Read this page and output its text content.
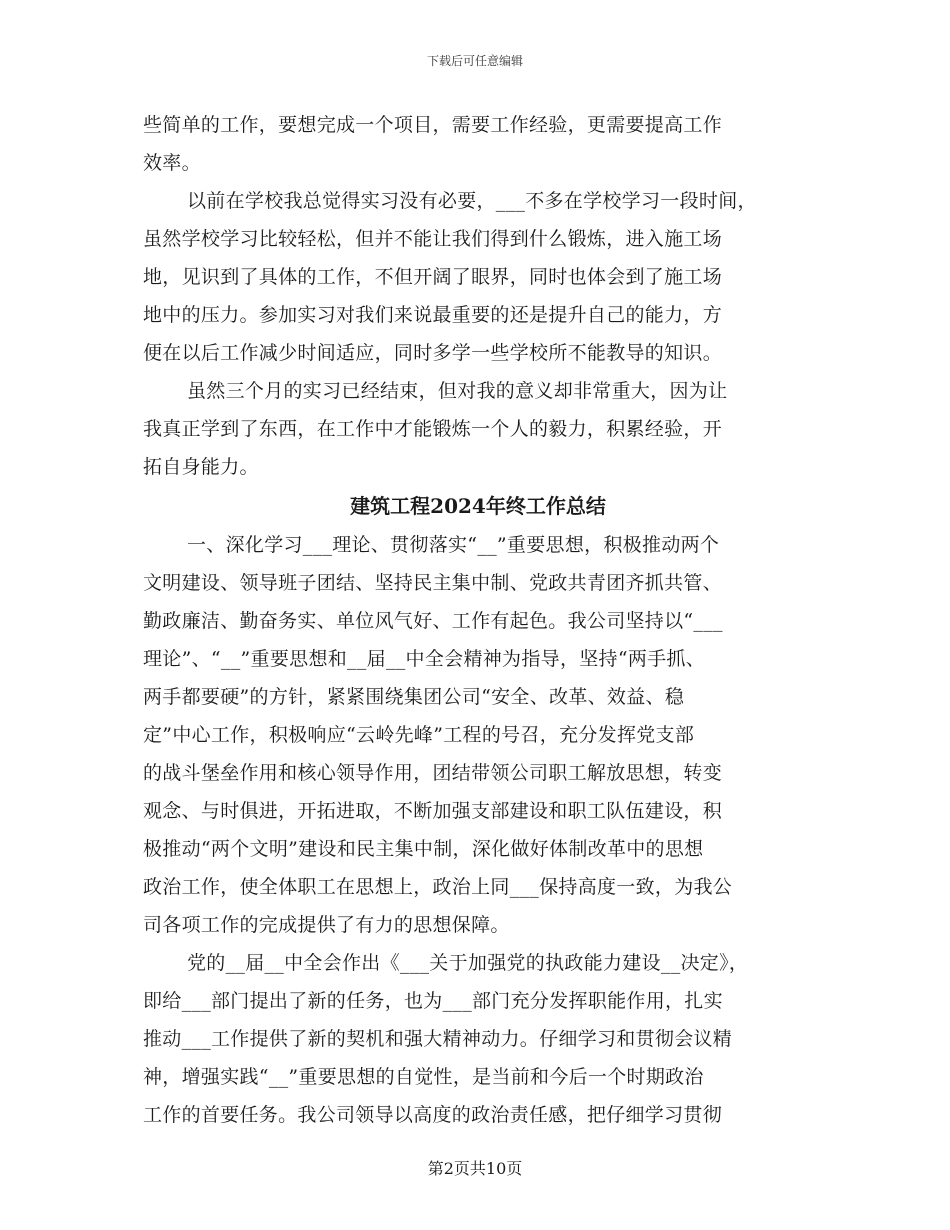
下载后可任意编辑
些简单的工作，要想完成一个项目，需要工作经验，更需要提高工作
效率。
以前在学校我总觉得实习没有必要，___不多在学校学习一段时间，
虽然学校学习比较轻松，但并不能让我们得到什么锻炼，进入施工场
地，见识到了具体的工作，不但开阔了眼界，同时也体会到了施工场
地中的压力。参加实习对我们来说最重要的还是提升自己的能力，方
便在以后工作减少时间适应，同时多学一些学校所不能教导的知识。
虽然三个月的实习已经结束，但对我的意义却非常重大，因为让
我真正学到了东西，在工作中才能锻炼一个人的毅力，积累经验，开
拓自身能力。
建筑工程2024年终工作总结
一、深化学习___理论、贯彻落实“__”重要思想，积极推动两个
文明建设、领导班子团结、坚持民主集中制、党政共青团齐抓共管、
勤政廉洁、勤奋务实、单位风气好、工作有起色。我公司坚持以“___
理论”、“__”重要思想和__届__中全会精神为指导，坚持“两手抓、
两手都要硬”的方针，紧紧围绕集团公司“安全、改革、效益、稳
定”中心工作，积极响应“云岭先峰”工程的号召，充分发挥党支部
的战斗堡垒作用和核心领导作用，团结带领公司职工解放思想，转变
观念、与时俱进，开拓进取，不断加强支部建设和职工队伍建设，积
极推动“两个文明”建设和民主集中制，深化做好体制改革中的思想
政治工作，使全体职工在思想上，政治上同___保持高度一致，为我公
司各项工作的完成提供了有力的思想保障。
党的__届__中全会作出《___关于加强党的执政能力建设__决定》，
即给___部门提出了新的任务，也为___部门充分发挥职能作用，扎实
推动___工作提供了新的契机和强大精神动力。仔细学习和贯彻会议精
神，增强实践“__”重要思想的自觉性，是当前和今后一个时期政治
工作的首要任务。我公司领导以高度的政治责任感，把仔细学习贯彻
第2页共10页
